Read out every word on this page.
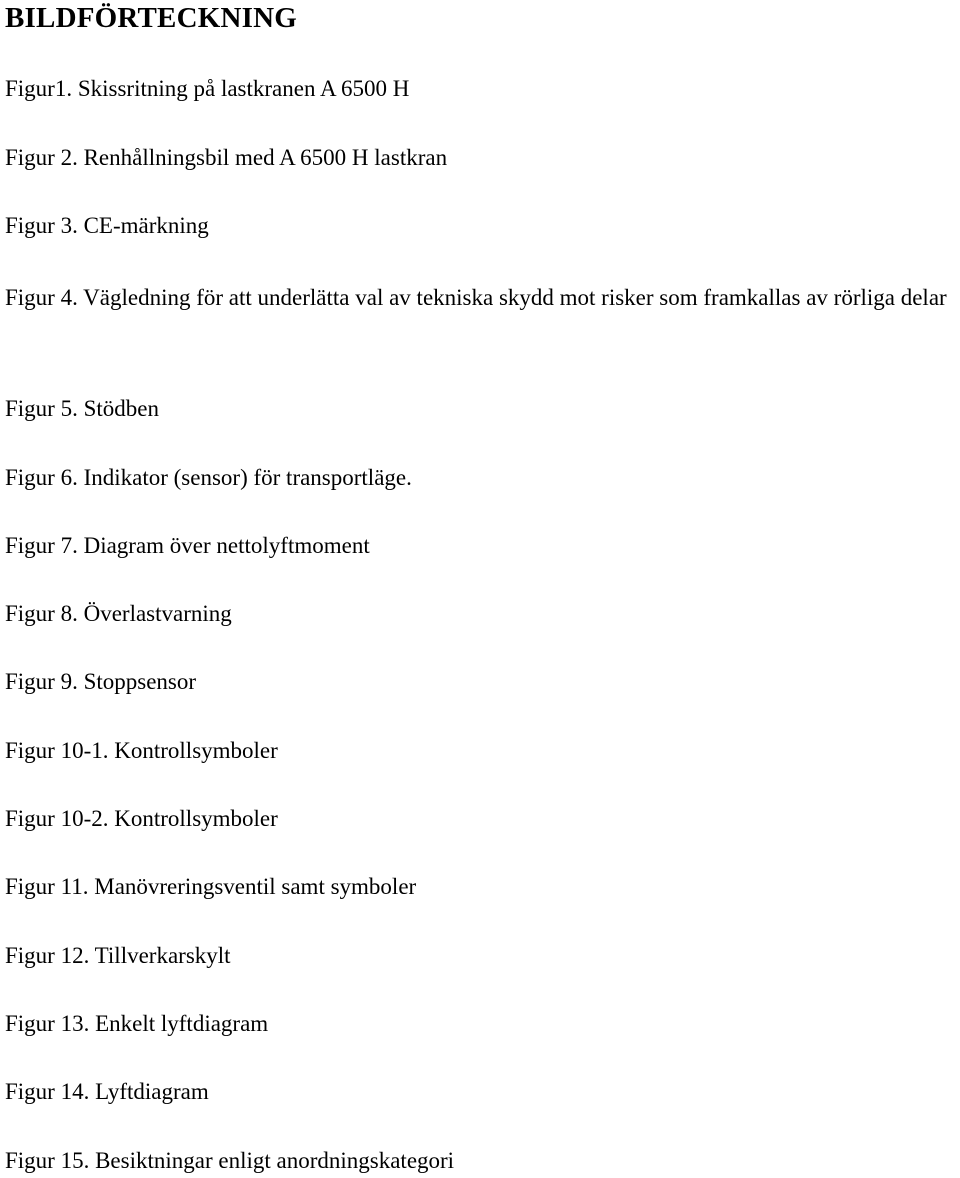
BILDFÖRTECKNING
Figur1. Skissritning på lastkranen A 6500 H
Figur 2. Renhållningsbil med A 6500 H lastkran
Figur 3. CE-märkning
Figur 4. Vägledning för att underlätta val av tekniska skydd mot risker som framkallas av rörliga delar
Figur 5. Stödben
Figur 6. Indikator (sensor) för transportläge.
Figur 7. Diagram över nettolyftmoment
Figur 8. Överlastvarning
Figur 9. Stoppsensor
Figur 10-1. Kontrollsymboler
Figur 10-2. Kontrollsymboler
Figur 11. Manövreringsventil samt symboler
Figur 12. Tillverkarskylt
Figur 13. Enkelt lyftdiagram
Figur 14. Lyftdiagram
Figur 15. Besiktningar enligt anordningskategori
